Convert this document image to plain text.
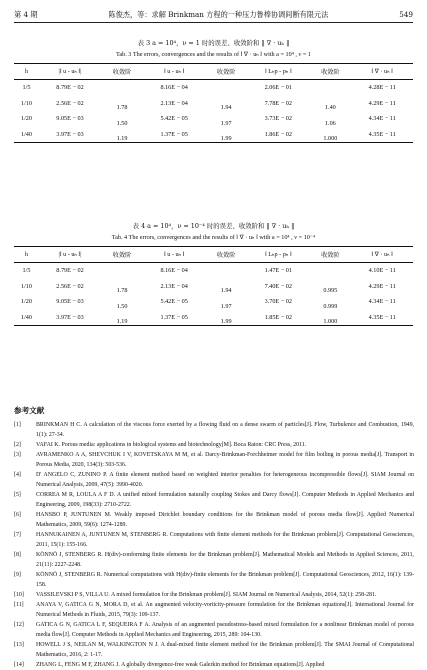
第 4 期	陈俊杰，等：求解 Brinkman 方程的一种压力鲁棒协调间断有限元法	549
表 3 a = 10⁴，ν = 1 时的误差、收敛阶和 ‖ ∇ · uₕ ‖
Tab. 3 The errors, convergences and the results of ‖ ∇ · uₕ ‖ with a = 10⁴ , ν = 1
h	|‖ u - uₕ ‖|	收敛阶	‖ u - uₕ ‖	收敛阶	‖ Lₕp - pₕ ‖	收敛阶	‖ ∇ · uₕ ‖
1/5	8.79E − 02		8.16E − 04		2.06E − 01		4.28E − 11
1/10	2.56E − 02	1.78	2.13E − 04	1.94	7.78E − 02	1.40	4.29E − 11
1/20	9.05E − 03	1.50	5.42E − 05	1.97	3.73E − 02	1.06	4.34E − 11
1/40	3.97E − 03	1.19	1.37E − 05	1.99	1.86E − 02	1.000	4.35E − 11
表 4 a = 10⁴，ν = 10⁻⁴ 时的误差、收敛阶和 ‖ ∇ · uₕ ‖
Tab. 4 The errors, convergences and the results of ‖ ∇ · uₕ ‖ with a = 10⁴ , ν = 10⁻⁴
h	|‖ u - uₕ ‖|	收敛阶	‖ u - uₕ ‖	收敛阶	‖ Lₕp - pₕ ‖	收敛阶	‖ ∇ · uₕ ‖
1/5	8.79E − 02		8.16E − 04		1.47E − 01		4.10E − 11
1/10	2.56E − 02	1.78	2.13E − 04	1.94	7.40E − 02	0.995	4.29E − 11
1/20	9.05E − 03	1.50	5.42E − 05	1.97	3.70E − 02	0.999	4.34E − 11
1/40	3.97E − 03	1.19	1.37E − 05	1.99	1.85E − 02	1.000	4.35E − 11
参考文献
[1]	BRINKMAN H C. A calculation of the viscous force exerted by a flowing fluid on a dense swarm of particles[J]. Flow, Turbulence and Combustion, 1949, 1(1): 27-34.
[2]	VAFAI K. Porous media: applications in biological systems and biotechnology[M]. Boca Raton: CRC Press, 2011.
[3]	AVRAMENKO A A, SHEVCHUK I V, KOVETSKAYA M M, et al. Darcy-Brinkman-Forchheimer model for film boiling in porous media[J]. Transport in Porous Media, 2020, 134(3): 503-536.
[4]	D' ANGELO C, ZUNINO P. A finite element method based on weighted interior penalties for heterogeneous incompressible flows[J]. SIAM Journal on Numerical Analysis, 2009, 47(5): 3990-4020.
[5]	CORREA M R, LOULA A F D. A unified mixed formulation naturally coupling Stokes and Darcy flows[J]. Computer Methods in Applied Mechanics and Engineering, 2009, 198(33): 2710-2722.
[6]	HANSBO P, JUNTUNEN M. Weakly imposed Dirichlet boundary conditions for the Brinkman model of porous media flow[J]. Applied Numerical Mathematics, 2009, 59(6): 1274-1289.
[7]	HANNUKAINEN A, JUNTUNEN M, STENBERG R. Computations with finite element methods for the Brinkman problem[J]. Computational Geosciences, 2011, 15(1): 155-166.
[8]	KÖNNÖ J, STENBERG R. H(div)-conforming finite elements for the Brinkman problem[J]. Mathematical Models and Methods in Applied Sciences, 2011, 21(11): 2227-2248.
[9]	KÖNNÖ J, STENBERG R. Numerical computations with H(div)-finite elements for the Brinkman problem[J]. Computational Geosciences, 2012, 16(1): 139-158.
[10]	VASSILEVSKI P S, VILLA U. A mixed formulation for the Brinkman problem[J]. SIAM Journal on Numerical Analysis, 2014, 52(1): 258-281.
[11]	ANAYA V, GATICA G N, MORA D, et al. An augmented velocity-vorticity-pressure formulation for the Brinkman equations[J]. International Journal for Numerical Methods in Fluids, 2015, 79(3): 109-137.
[12]	GATICA G N, GATICA L F, SEQUEIRA F A. Analysis of an augmented pseudostress-based mixed formulation for a nonlinear Brinkman model of porous media flow[J]. Computer Methods in Applied Mechanics and Engineering, 2015, 289: 104-130.
[13]	HOWELL J S, NEILAN M, WALKINGTON N J. A dual-mixed finite element method for the Brinkman problem[J]. The SMAI Journal of Computational Mathematics, 2016, 2: 1-17.
[14]	ZHANG L, FENG M F, ZHANG J. A globally divergence-free weak Galerkin method for Brinkman equations[J]. Applied
